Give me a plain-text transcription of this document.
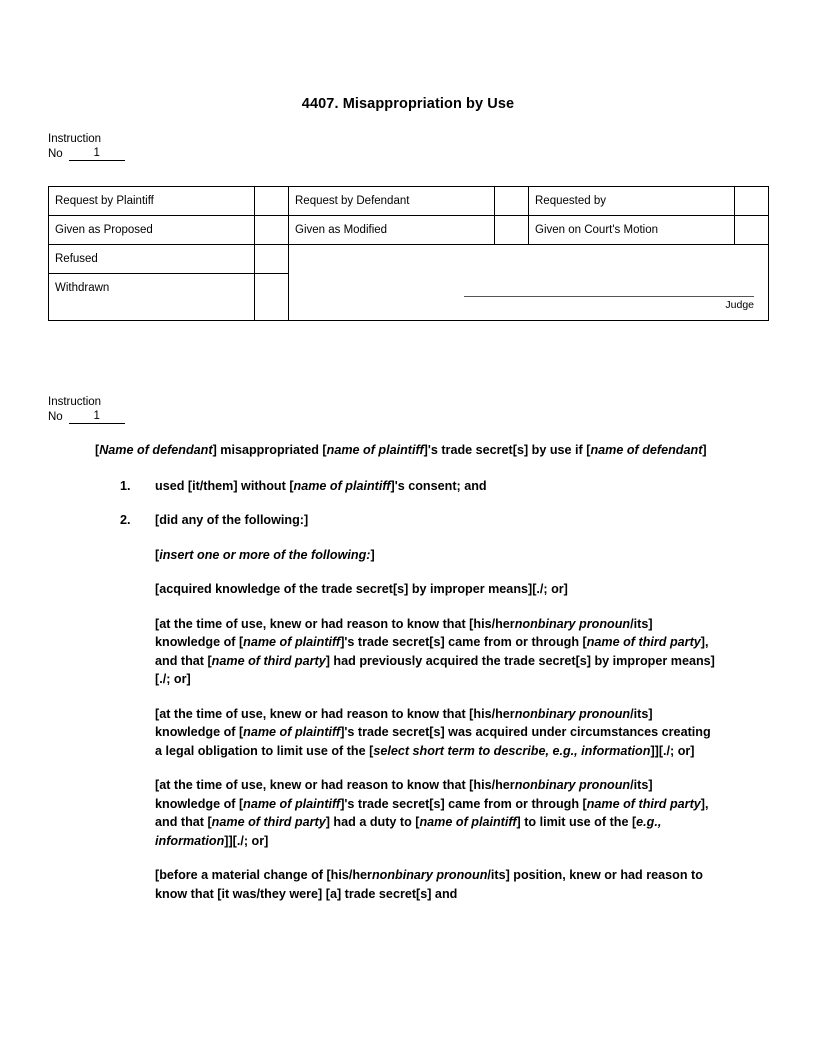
4407. Misappropriation by Use
Instruction
No	1
Request by Plaintiff		Request by Defendant		Requested by	
Given as Proposed		Given as Modified		Given on Court's Motion	
Refused		Judge			

Withdrawn					
Instruction
No	1

[Name of defendant] misappropriated [name of plaintiff]'s trade secret[s] by use if [name of defendant]

1. used [it/them] without [name of plaintiff]'s consent; and
2. [did any of the following:]

[insert one or more of the following:]

[acquired knowledge of the trade secret[s] by improper means][./; or]

[at the time of use, knew or had reason to know that [his/hernonbinary pronoun/its] knowledge of [name of plaintiff]'s trade secret[s] came from or through [name of third party], and that [name of third party] had previously acquired the trade secret[s] by improper means][./; or]

[at the time of use, knew or had reason to know that [his/hernonbinary pronoun/its] knowledge of [name of plaintiff]'s trade secret[s] was acquired under circumstances creating a legal obligation to limit use of the [select short term to describe, e.g., information]][./; or]

[at the time of use, knew or had reason to know that [his/hernonbinary pronoun/its] knowledge of [name of plaintiff]'s trade secret[s] came from or through [name of third party], and that [name of third party] had a duty to [name of plaintiff] to limit use of the [e.g., information]][./; or]

[before a material change of [his/hernonbinary pronoun/its] position, knew or had reason to know that [it was/they were] [a] trade secret[s] and
